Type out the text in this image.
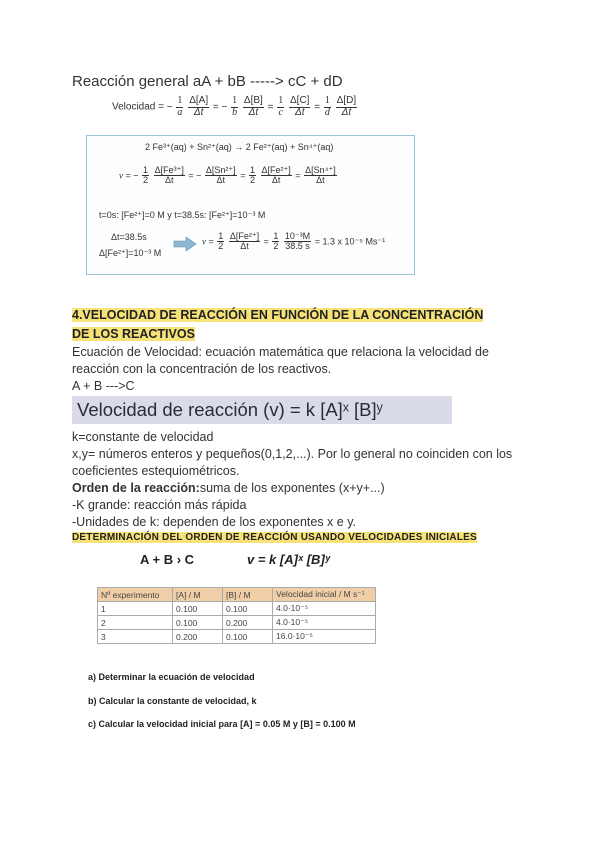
Reacción general aA + bB -----> cC + dD
Velocidad = − $\frac{1}{a}$
$\frac{\Delta[A]}{\Delta t}$ = − $\frac{1}{b}$
$\frac{\Delta[B]}{\Delta t} = \frac{1}{c}$
$\frac{\Delta[C]}{\Delta t} = \frac{1}{d}$
$\frac{\Delta[D]}{\Delta t}$
2 Fe³⁺(aq) + Sn²⁺(aq) → 2 Fe²⁺(aq) + Sn⁴⁺(aq)
v = − $\frac{1}{2}$
$\frac{\text{Δ[Fe³⁺]}}{\Delta t}$ = − $\frac{\text{Δ[Sn²⁺]}}{\Delta t} = \frac{1}{2}$
$\frac{\text{Δ[Fe²⁺]}}{\Delta t} = \frac{\text{Δ[Sn⁴⁺]}}{\Delta t}$
t=0s: [Fe²⁺]=0 M y t=38.5s: [Fe²⁺]=10⁻³ M
Δt=38.5s
Δ[Fe²⁺]=10⁻³ M
$v = \frac{1}{2}$
$\frac{\text{Δ[Fe²⁺]}}{\Delta t} = \frac{1}{2}$
$\frac{\text{10⁻³M}}{38.5 s} = 1.3$ x 10⁻⁵ Ms⁻¹
4.VELOCIDAD DE REACCIÓN EN FUNCIÓN DE LA CONCENTRACIÓN
DE LOS REACTIVOS
Ecuación de Velocidad: ecuación matemática que relaciona la velocidad de
reacción con la concentración de los reactivos.
A + B --->C
Velocidad de reacción (v) = k [A]ˣ [B]ʸ
k=constante de velocidad
x,y= números enteros y pequeños(0,1,2,...). Por lo general no coinciden con los
coeficientes estequiométricos.
Orden de la reacción:suma de los exponentes (x+y+...)
-K grande: reacción más rápida
-Unidades de k: dependen de los exponentes x e y.
DETERMINACIÓN DEL ORDEN DE REACCIÓN USANDO VELOCIDADES INICIALES
A + B › C	v = k [A]ˣ [B]ʸ
Nº experimento	[A] / M	[B] / M	Velocidad inicial / M s⁻¹
1	0.100	0.100	4.0·10⁻⁵
2	0.100	0.200	4.0·10⁻⁵
3	0.200	0.100	16.0·10⁻⁵
a) Determinar la ecuación de velocidad
b) Calcular la constante de velocidad, k
c) Calcular la velocidad inicial para [A] = 0.05 M y [B] = 0.100 M
